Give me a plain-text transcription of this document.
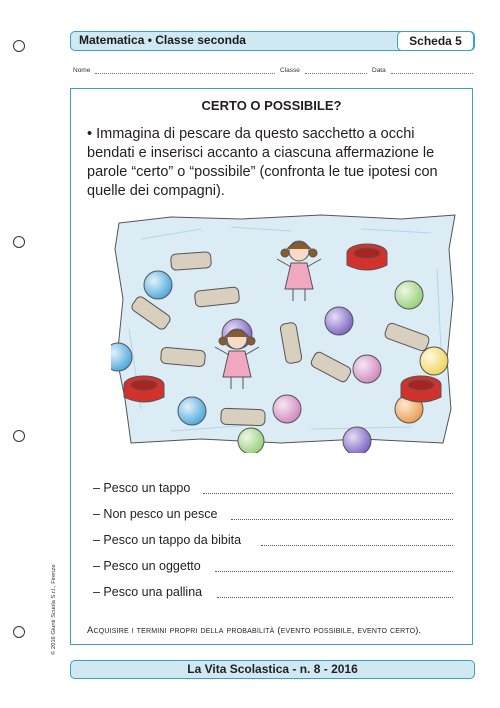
Matematica • Classe seconda	Scheda 5
Nome	Classe	Data
CERTO O POSSIBILE?
• Immagina di pescare da questo sacchetto a occhi bendati e inserisci accanto a ciascuna affermazione le parole “certo” o “possibile” (confronta le tue ipotesi con quelle dei compagni).
– Pesco un tappo
– Non pesco un pesce
– Pesco un tappo da bibita
– Pesco un oggetto
– Pesco una pallina
Acquisire i termini propri della probabilità (evento possibile, evento certo).
© 2016 Giunti Scuola S.r.l., Firenze
La Vita Scolastica - n. 8 - 2016
